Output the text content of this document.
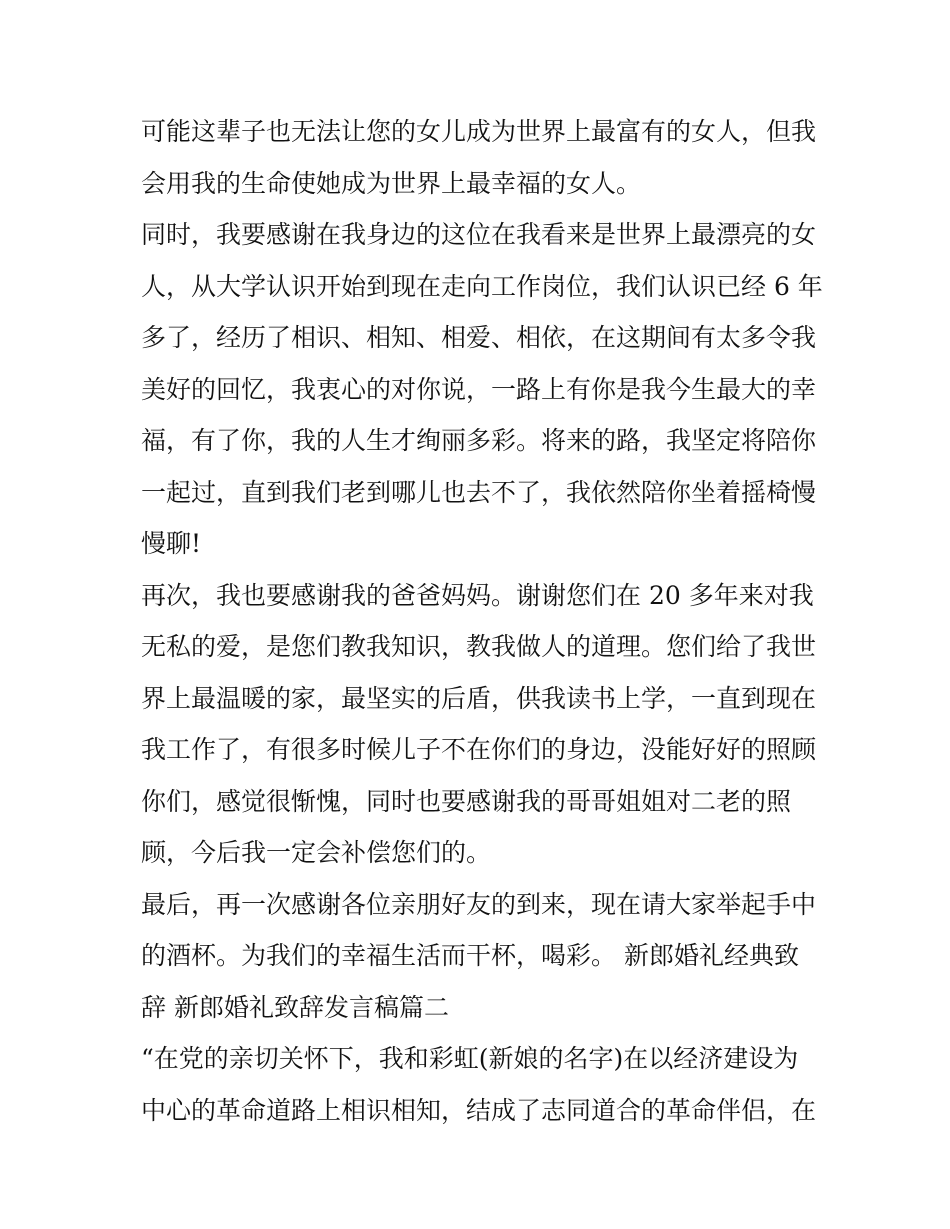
可能这辈子也无法让您的女儿成为世界上最富有的女人，但我
会用我的生命使她成为世界上最幸福的女人。
同时，我要感谢在我身边的这位在我看来是世界上最漂亮的女
人，从大学认识开始到现在走向工作岗位，我们认识已经 6 年
多了，经历了相识、相知、相爱、相依，在这期间有太多令我
美好的回忆，我衷心的对你说，一路上有你是我今生最大的幸
福，有了你，我的人生才绚丽多彩。将来的路，我坚定将陪你
一起过，直到我们老到哪儿也去不了，我依然陪你坐着摇椅慢
慢聊!
再次，我也要感谢我的爸爸妈妈。谢谢您们在 20 多年来对我
无私的爱，是您们教我知识，教我做人的道理。您们给了我世
界上最温暖的家，最坚实的后盾，供我读书上学，一直到现在
我工作了，有很多时候儿子不在你们的身边，没能好好的照顾
你们，感觉很惭愧，同时也要感谢我的哥哥姐姐对二老的照
顾，今后我一定会补偿您们的。
最后，再一次感谢各位亲朋好友的到来，现在请大家举起手中
的酒杯。为我们的幸福生活而干杯，喝彩。 新郎婚礼经典致
辞 新郎婚礼致辞发言稿篇二
“在党的亲切关怀下，我和彩虹(新娘的名字)在以经济建设为
中心的革命道路上相识相知，结成了志同道合的革命伴侣，在
